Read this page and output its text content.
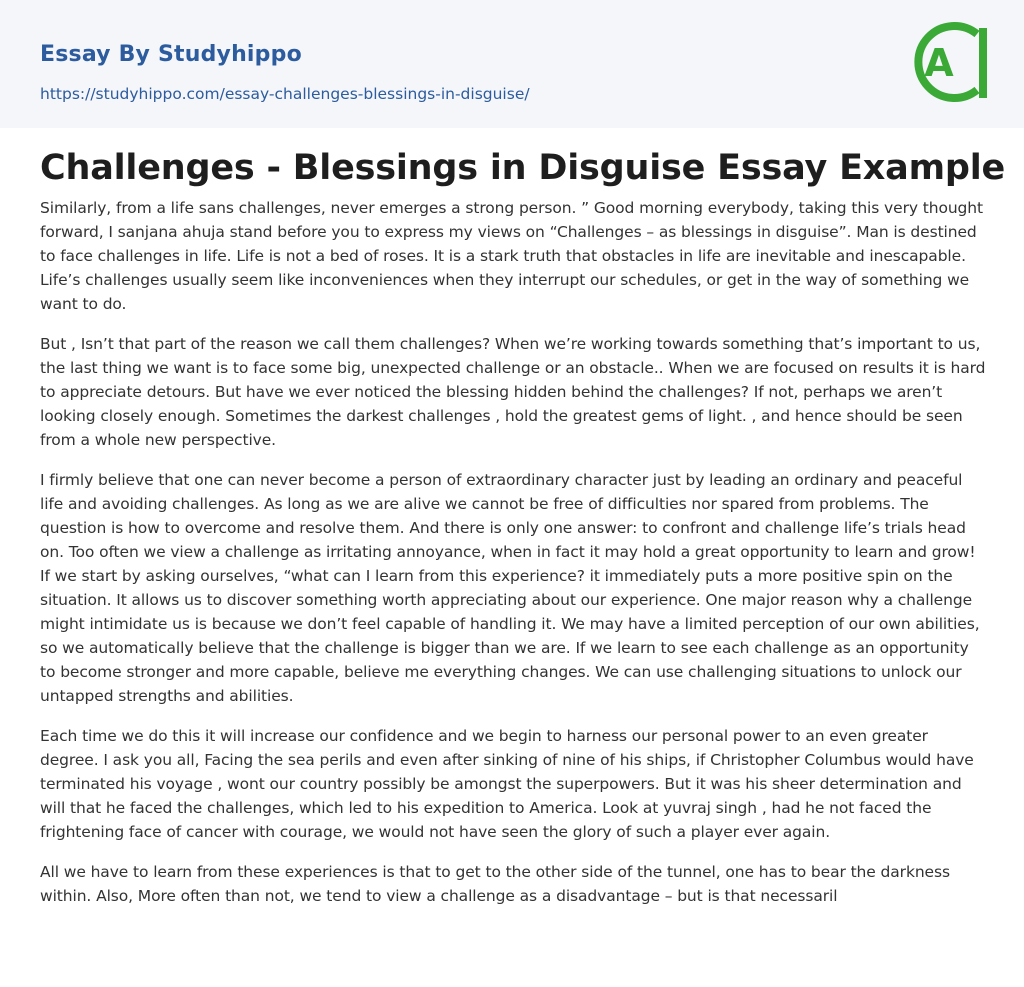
Essay By Studyhippo
https://studyhippo.com/essay-challenges-blessings-in-disguise/
A
Challenges - Blessings in Disguise Essay Example

Similarly, from a life sans challenges, never emerges a strong person. ” Good morning everybody, taking this very thought forward, I sanjana ahuja stand before you to express my views on “Challenges – as blessings in disguise”. Man is destined to face challenges in life. Life is not a bed of roses. It is a stark truth that obstacles in life are inevitable and inescapable. Life’s challenges usually seem like inconveniences when they interrupt our schedules, or get in the way of something we want to do.

But , Isn’t that part of the reason we call them challenges? When we’re working towards something that’s important to us, the last thing we want is to face some big, unexpected challenge or an obstacle.. When we are focused on results it is hard to appreciate detours. But have we ever noticed the blessing hidden behind the challenges? If not, perhaps we aren’t looking closely enough. Sometimes the darkest challenges , hold the greatest gems of light. , and hence should be seen from a whole new perspective.

I firmly believe that one can never become a person of extraordinary character just by leading an ordinary and peaceful life and avoiding challenges. As long as we are alive we cannot be free of difficulties nor spared from problems. The question is how to overcome and resolve them. And there is only one answer: to confront and challenge life’s trials head on. Too often we view a challenge as irritating annoyance, when in fact it may hold a great opportunity to learn and grow! If we start by asking ourselves, “what can I learn from this experience? it immediately puts a more positive spin on the situation. It allows us to discover something worth appreciating about our experience. One major reason why a challenge might intimidate us is because we don’t feel capable of handling it. We may have a limited perception of our own abilities, so we automatically believe that the challenge is bigger than we are. If we learn to see each challenge as an opportunity to become stronger and more capable, believe me everything changes. We can use challenging situations to unlock our untapped strengths and abilities.

Each time we do this it will increase our confidence and we begin to harness our personal power to an even greater degree. I ask you all, Facing the sea perils and even after sinking of nine of his ships, if Christopher Columbus would have terminated his voyage , wont our country possibly be amongst the superpowers. But it was his sheer determination and will that he faced the challenges, which led to his expedition to America. Look at yuvraj singh , had he not faced the frightening face of cancer with courage, we would not have seen the glory of such a player ever again.

All we have to learn from these experiences is that to get to the other side of the tunnel, one has to bear the darkness within. Also, More often than not, we tend to view a challenge as a disadvantage – but is that necessaril
